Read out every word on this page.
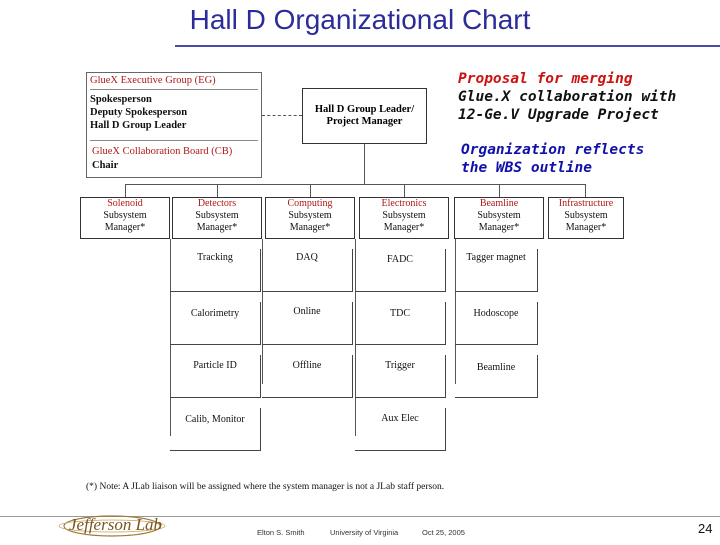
Hall D Organizational Chart
Proposal for merging
Glue.X collaboration with
12-Ge.V Upgrade Project
Organization reflects
the WBS outline
GlueX Executive Group (EG)
Spokesperson
Deputy Spokesperson
Hall D Group Leader
GlueX Collaboration Board (CB)
Chair
Hall D Group Leader/
Project Manager
Solenoid
Subsystem
Manager*
Detectors
Subsystem
Manager*
Computing
Subsystem
Manager*
Electronics
Subsystem
Manager*
Beamline
Subsystem
Manager*
Infrastructure
Subsystem
Manager*
Tracking
Calorimetry
Particle ID
Calib, Monitor
DAQ
Online
Offline
FADC
TDC
Trigger
Aux Elec
Tagger magnet
Hodoscope
Beamline
(*) Note: A JLab liaison will be assigned where the system manager is not a JLab staff person.
Jefferson Lab	Elton S. Smith	University of Virginia	Oct 25, 2005	24
